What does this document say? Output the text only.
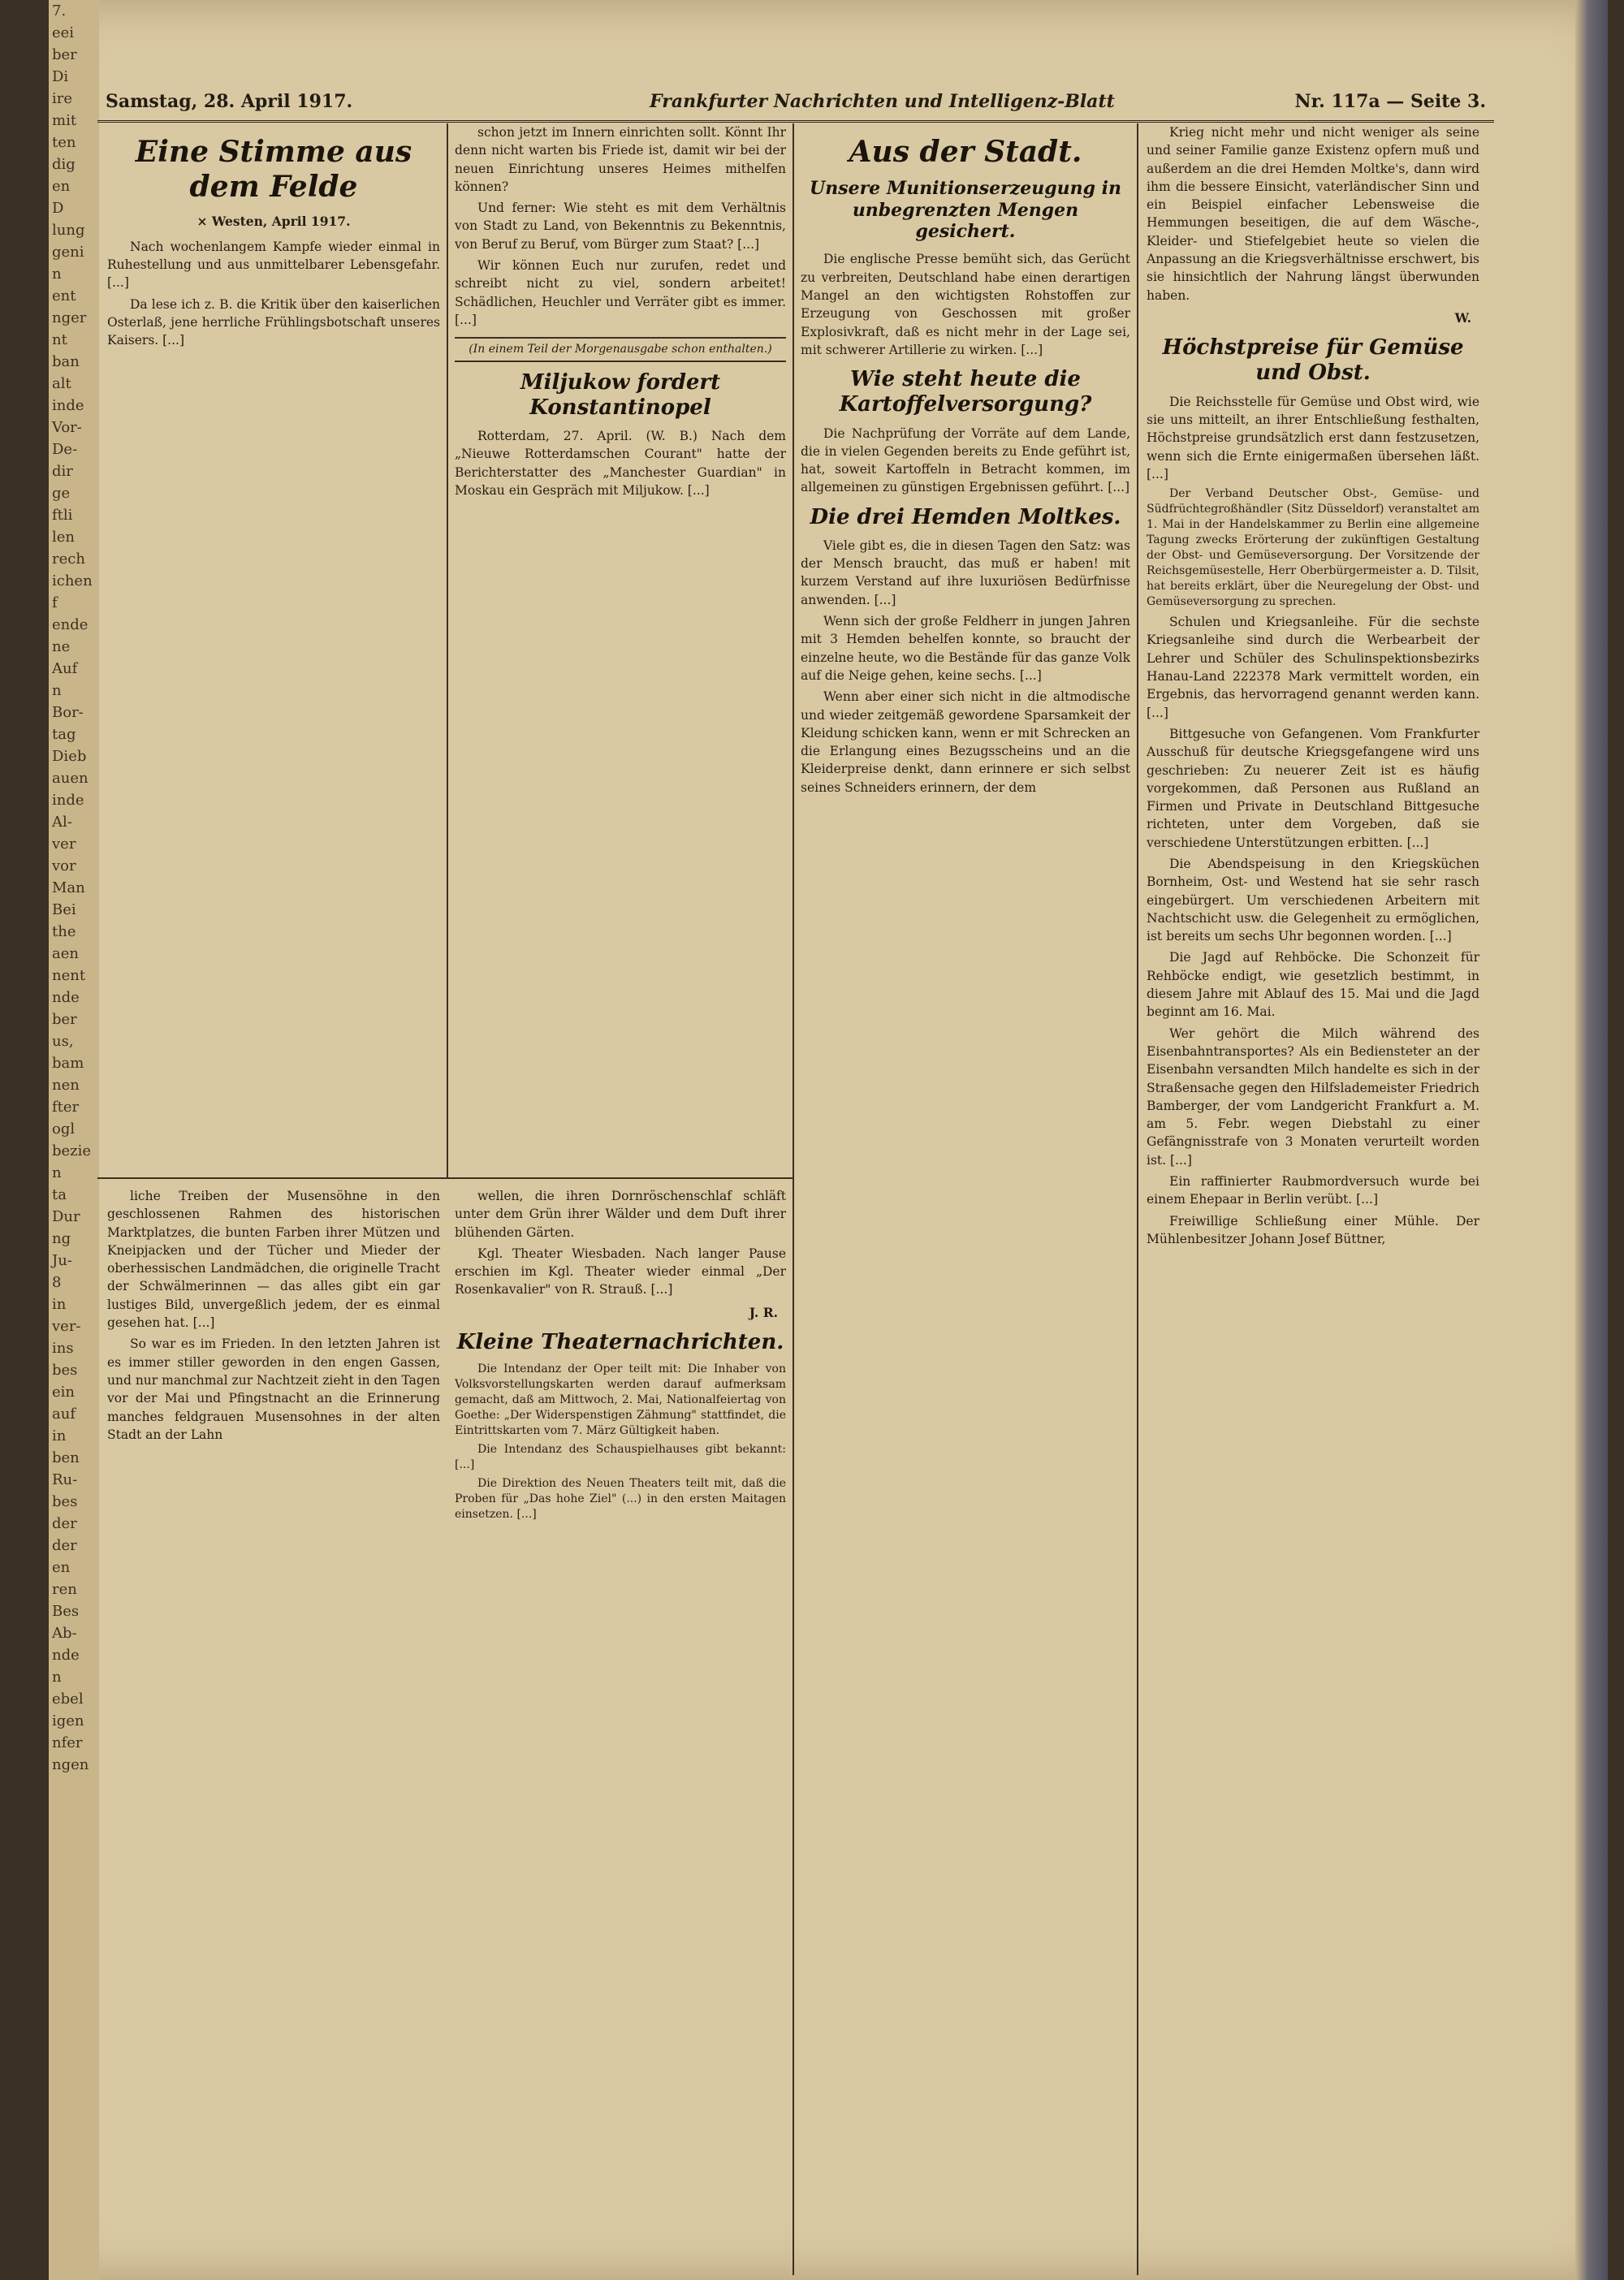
7.
eei
ber
Di
ire
mit
ten
dig
en
D
lung
geni
n
ent
nger
nt
ban
alt
inde
Vor-
De-
dir
ge
ftli
len
rech
ichen
f
ende
ne
Auf
n
Bor-
tag
Dieb
auen
inde
Al-
ver
vor
Man
Bei
the
aen
nent
nde
ber
us,
bam
nen
fter
ogl
bezie
n
ta
Dur
ng
Ju-
8
in
ver-
ins
bes
ein
auf
in
ben
Ru-
bes
der
der
en
ren
Bes
Ab-
nde
n
ebel
igen
nfer
ngen
Samstag, 28. April 1917.	Frankfurter Nachrichten und Intelligenz-Blatt	Nr. 117a — Seite 3.
Eine Stimme aus dem Felde
× Westen, April 1917.

Nach wochenlangem Kampfe wieder einmal in Ruhestellung und aus unmittelbarer Lebensgefahr. [...]

Da lese ich z. B. die Kritik über den kaiserlichen Osterlaß, jene herrliche Frühlingsbotschaft unseres Kaisers. [...]

schon jetzt im Innern einrichten sollt. Könnt Ihr denn nicht warten bis Friede ist, damit wir bei der neuen Einrichtung unseres Heimes mithelfen können?

Und ferner: Wie steht es mit dem Verhältnis von Stadt zu Land, von Bekenntnis zu Bekenntnis, von Beruf zu Beruf, vom Bürger zum Staat? [...]

Wir können Euch nur zurufen, redet und schreibt nicht zu viel, sondern arbeitet! Schädlichen, Heuchler und Verräter gibt es immer. [...]

(In einem Teil der Morgenausgabe schon enthalten.)
Miljukow fordert Konstantinopel

Rotterdam, 27. April. (W. B.) Nach dem „Nieuwe Rotterdamschen Courant" hatte der Berichterstatter des „Manchester Guardian" in Moskau ein Gespräch mit Miljukow. [...]

Aus der Stadt.
Unsere Munitionserzeugung in unbegrenzten Mengen gesichert.

Die englische Presse bemüht sich, das Gerücht zu verbreiten, Deutschland habe einen derartigen Mangel an den wichtigsten Rohstoffen zur Erzeugung von Geschossen mit großer Explosivkraft, daß es nicht mehr in der Lage sei, mit schwerer Artillerie zu wirken. [...]

Wie steht heute die Kartoffelversorgung?

Die Nachprüfung der Vorräte auf dem Lande, die in vielen Gegenden bereits zu Ende geführt ist, hat, soweit Kartoffeln in Betracht kommen, im allgemeinen zu günstigen Ergebnissen geführt. [...]

Die drei Hemden Moltkes.

Viele gibt es, die in diesen Tagen den Satz: was der Mensch braucht, das muß er haben! mit kurzem Verstand auf ihre luxuriösen Bedürfnisse anwenden. [...]

Wenn sich der große Feldherr in jungen Jahren mit 3 Hemden behelfen konnte, so braucht der einzelne heute, wo die Bestände für das ganze Volk auf die Neige gehen, keine sechs. [...]

Wenn aber einer sich nicht in die altmodische und wieder zeitgemäß gewordene Sparsamkeit der Kleidung schicken kann, wenn er mit Schrecken an die Erlangung eines Bezugsscheins und an die Kleiderpreise denkt, dann erinnere er sich selbst seines Schneiders erinnern, der dem

Krieg nicht mehr und nicht weniger als seine und seiner Familie ganze Existenz opfern muß und außerdem an die drei Hemden Moltke's, dann wird ihm die bessere Einsicht, vaterländischer Sinn und ein Beispiel einfacher Lebensweise die Hemmungen beseitigen, die auf dem Wäsche-, Kleider- und Stiefelgebiet heute so vielen die Anpassung an die Kriegsverhältnisse erschwert, bis sie hinsichtlich der Nahrung längst überwunden haben.

W.
Höchstpreise für Gemüse und Obst.

Die Reichsstelle für Gemüse und Obst wird, wie sie uns mitteilt, an ihrer Entschließung festhalten, Höchstpreise grundsätzlich erst dann festzusetzen, wenn sich die Ernte einigermaßen übersehen läßt. [...]

Der Verband Deutscher Obst-, Gemüse- und Südfrüchtegroßhändler (Sitz Düsseldorf) veranstaltet am 1. Mai in der Handelskammer zu Berlin eine allgemeine Tagung zwecks Erörterung der zukünftigen Gestaltung der Obst- und Gemüseversorgung. Der Vorsitzende der Reichsgemüsestelle, Herr Oberbürgermeister a. D. Tilsit, hat bereits erklärt, über die Neuregelung der Obst- und Gemüseversorgung zu sprechen.

Schulen und Kriegsanleihe. Für die sechste Kriegsanleihe sind durch die Werbearbeit der Lehrer und Schüler des Schulinspektionsbezirks Hanau-Land 222378 Mark vermittelt worden, ein Ergebnis, das hervorragend genannt werden kann. [...]

Bittgesuche von Gefangenen. Vom Frankfurter Ausschuß für deutsche Kriegsgefangene wird uns geschrieben: Zu neuerer Zeit ist es häufig vorgekommen, daß Personen aus Rußland an Firmen und Private in Deutschland Bittgesuche richteten, unter dem Vorgeben, daß sie verschiedene Unterstützungen erbitten. [...]

Die Abendspeisung in den Kriegsküchen Bornheim, Ost- und Westend hat sie sehr rasch eingebürgert. Um verschiedenen Arbeitern mit Nachtschicht usw. die Gelegenheit zu ermöglichen, ist bereits um sechs Uhr begonnen worden. [...]

Die Jagd auf Rehböcke. Die Schonzeit für Rehböcke endigt, wie gesetzlich bestimmt, in diesem Jahre mit Ablauf des 15. Mai und die Jagd beginnt am 16. Mai.

Wer gehört die Milch während des Eisenbahntransportes? Als ein Bediensteter an der Eisenbahn versandten Milch handelte es sich in der Straßensache gegen den Hilfslademeister Friedrich Bamberger, der vom Landgericht Frankfurt a. M. am 5. Febr. wegen Diebstahl zu einer Gefängnisstrafe von 3 Monaten verurteilt worden ist. [...]

Ein raffinierter Raubmordversuch wurde bei einem Ehepaar in Berlin verübt. [...]

Freiwillige Schließung einer Mühle. Der Mühlenbesitzer Johann Josef Büttner,

liche Treiben der Musensöhne in den geschlossenen Rahmen des historischen Marktplatzes, die bunten Farben ihrer Mützen und Kneipjacken und der Tücher und Mieder der oberhessischen Landmädchen, die originelle Tracht der Schwälmerinnen — das alles gibt ein gar lustiges Bild, unvergeßlich jedem, der es einmal gesehen hat. [...]

So war es im Frieden. In den letzten Jahren ist es immer stiller geworden in den engen Gassen, und nur manchmal zur Nachtzeit zieht in den Tagen vor der Mai und Pfingstnacht an die Erinnerung manches feldgrauen Musensohnes in der alten Stadt an der Lahn

wellen, die ihren Dornröschenschlaf schläft unter dem Grün ihrer Wälder und dem Duft ihrer blühenden Gärten.

Kgl. Theater Wiesbaden. Nach langer Pause erschien im Kgl. Theater wieder einmal „Der Rosenkavalier" von R. Strauß. [...]

J. R.
Kleine Theaternachrichten.

Die Intendanz der Oper teilt mit: Die Inhaber von Volksvorstellungskarten werden darauf aufmerksam gemacht, daß am Mittwoch, 2. Mai, Nationalfeiertag von Goethe: „Der Widerspenstigen Zähmung" stattfindet, die Eintrittskarten vom 7. März Gültigkeit haben.

Die Intendanz des Schauspielhauses gibt bekannt: [...]

Die Direktion des Neuen Theaters teilt mit, daß die Proben für „Das hohe Ziel" (...) in den ersten Maitagen einsetzen. [...]
